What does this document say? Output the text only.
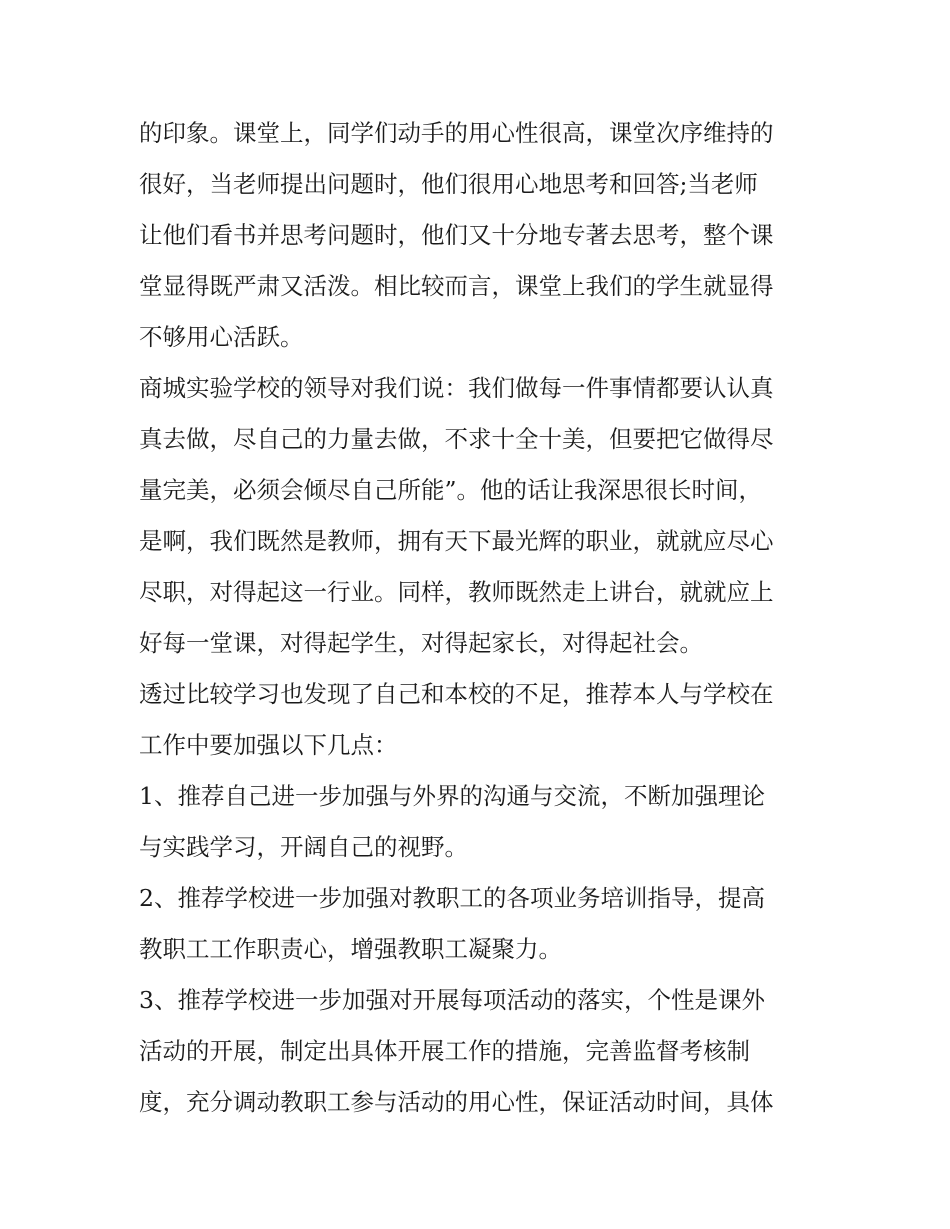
的印象。课堂上，同学们动手的用心性很高，课堂次序维持的
很好，当老师提出问题时，他们很用心地思考和回答;当老师
让他们看书并思考问题时，他们又十分地专著去思考，整个课
堂显得既严肃又活泼。相比较而言，课堂上我们的学生就显得
不够用心活跃。
商城实验学校的领导对我们说：我们做每一件事情都要认认真
真去做，尽自己的力量去做，不求十全十美，但要把它做得尽
量完美，必须会倾尽自己所能”。他的话让我深思很长时间，
是啊，我们既然是教师，拥有天下最光辉的职业，就就应尽心
尽职，对得起这一行业。同样，教师既然走上讲台，就就应上
好每一堂课，对得起学生，对得起家长，对得起社会。
透过比较学习也发现了自己和本校的不足，推荐本人与学校在
工作中要加强以下几点：
1、推荐自己进一步加强与外界的沟通与交流，不断加强理论
与实践学习，开阔自己的视野。
2、推荐学校进一步加强对教职工的各项业务培训指导，提高
教职工工作职责心，增强教职工凝聚力。
3、推荐学校进一步加强对开展每项活动的落实，个性是课外
活动的开展，制定出具体开展工作的措施，完善监督考核制
度，充分调动教职工参与活动的用心性，保证活动时间，具体
